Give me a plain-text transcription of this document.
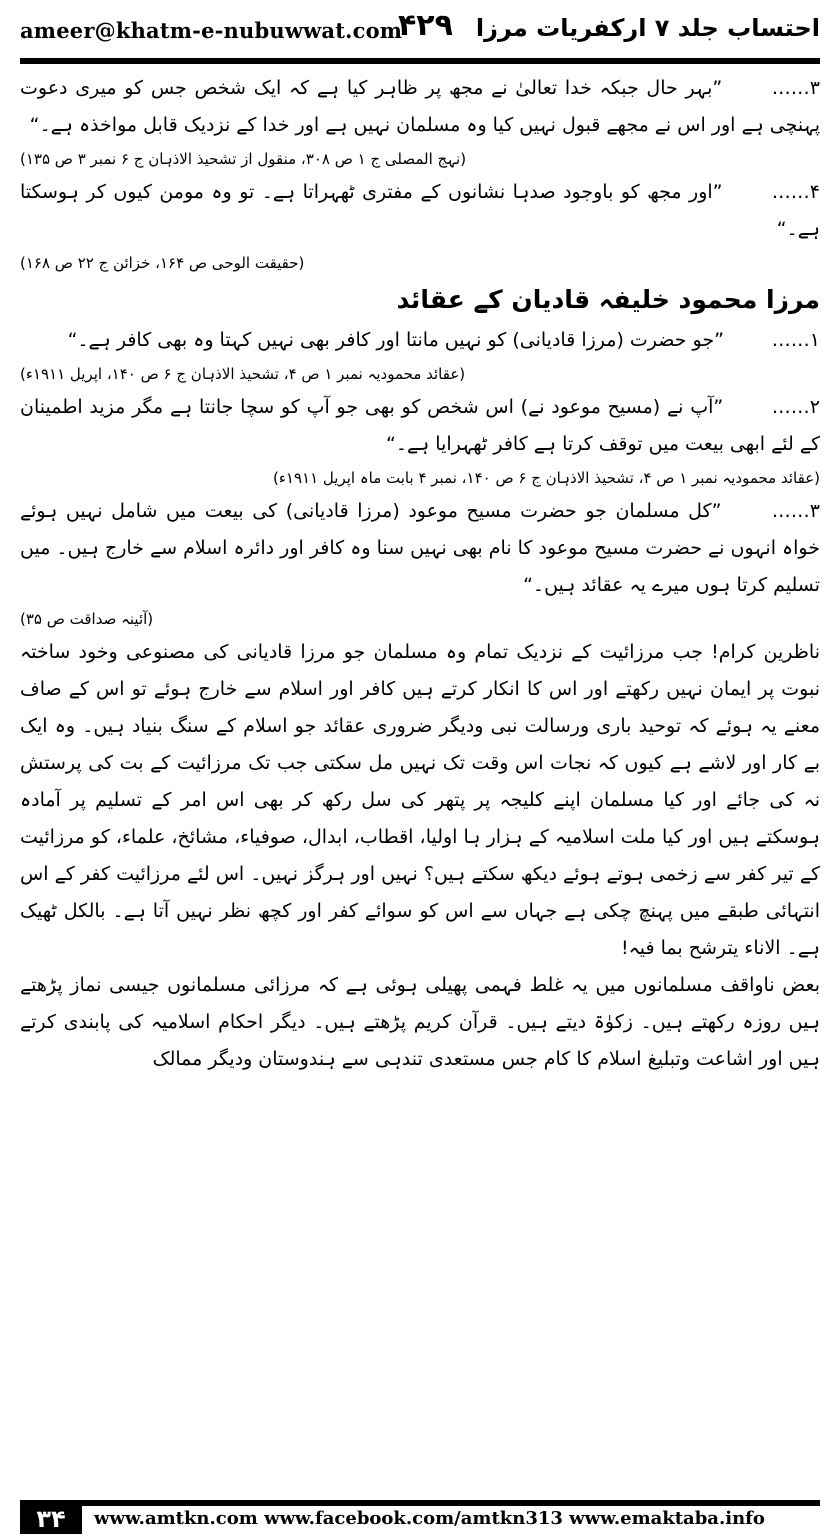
ameer@khatm-e-nubuwwat.com
۴۲۹ احتساب جلد ۷ ارکفریات مرزا

۳…… ”بہر حال جبکہ خدا تعالیٰ نے مجھ پر ظاہر کیا ہے کہ ایک شخص جس کو میری دعوت پہنچی ہے اور اس نے مجھے قبول نہیں کیا وہ مسلمان نہیں ہے اور خدا کے نزدیک قابل مواخذہ ہے۔“

(نہج المصلی ج ۱ ص ۳۰۸، منقول از تشحیذ الاذہان ج ۶ نمبر ۳ ص ۱۳۵)

۴…… ”اور مجھ کو باوجود صدہا نشانوں کے مفتری ٹھہراتا ہے۔ تو وہ مومن کیوں کر ہوسکتا ہے۔“

(حقیقت الوحی ص ۱۶۴، خزائن ج ۲۲ ص ۱۶۸)

مرزا محمود خلیفہ قادیان کے عقائد

۱…… ”جو حضرت (مرزا قادیانی) کو نہیں مانتا اور کافر بھی نہیں کہتا وہ بھی کافر ہے۔“

(عقائد محمودیہ نمبر ۱ ص ۴، تشحیذ الاذہان ج ۶ ص ۱۴۰، اپریل ۱۹۱۱ء)

۲…… ”آپ نے (مسیح موعود نے) اس شخص کو بھی جو آپ کو سچا جانتا ہے مگر مزید اطمینان کے لئے ابھی بیعت میں توقف کرتا ہے کافر ٹھہرایا ہے۔“

(عقائد محمودیہ نمبر ۱ ص ۴، تشحیذ الاذہان ج ۶ ص ۱۴۰، نمبر ۴ بابت ماہ اپریل ۱۹۱۱ء)

۳…… ”کل مسلمان جو حضرت مسیح موعود (مرزا قادیانی) کی بیعت میں شامل نہیں ہوئے خواہ انہوں نے حضرت مسیح موعود کا نام بھی نہیں سنا وہ کافر اور دائرہ اسلام سے خارج ہیں۔ میں تسلیم کرتا ہوں میرے یہ عقائد ہیں۔“

(آئینہ صداقت ص ۳۵)

ناظرین کرام! جب مرزائیت کے نزدیک تمام وہ مسلمان جو مرزا قادیانی کی مصنوعی وخود ساختہ نبوت پر ایمان نہیں رکھتے اور اس کا انکار کرتے ہیں کافر اور اسلام سے خارج ہوئے تو اس کے صاف معنے یہ ہوئے کہ توحید باری ورسالت نبی ودیگر ضروری عقائد جو اسلام کے سنگ بنیاد ہیں۔ وہ ایک بے کار اور لاشے ہے کیوں کہ نجات اس وقت تک نہیں مل سکتی جب تک مرزائیت کے بت کی پرستش نہ کی جائے اور کیا مسلمان اپنے کلیجہ پر پتھر کی سل رکھ کر بھی اس امر کے تسلیم پر آمادہ ہوسکتے ہیں اور کیا ملت اسلامیہ کے ہزار ہا اولیا، اقطاب، ابدال، صوفیاء، مشائخ، علماء، کو مرزائیت کے تیر کفر سے زخمی ہوتے ہوئے دیکھ سکتے ہیں؟ نہیں اور ہرگز نہیں۔ اس لئے مرزائیت کفر کے اس انتہائی طبقے میں پہنچ چکی ہے جہاں سے اس کو سوائے کفر اور کچھ نظر نہیں آتا ہے۔ بالکل ٹھیک ہے۔ الاناء یترشح بما فیہ!

بعض ناواقف مسلمانوں میں یہ غلط فہمی پھیلی ہوئی ہے کہ مرزائی مسلمانوں جیسی نماز پڑھتے ہیں روزہ رکھتے ہیں۔ زکوٰۃ دیتے ہیں۔ قرآن کریم پڑھتے ہیں۔ دیگر احکام اسلامیہ کی پابندی کرتے ہیں اور اشاعت وتبلیغ اسلام کا کام جس مستعدی تندہی سے ہندوستان ودیگر ممالک

۳۴	www.amtkn.com www.facebook.com/amtkn313 www.emaktaba.info
